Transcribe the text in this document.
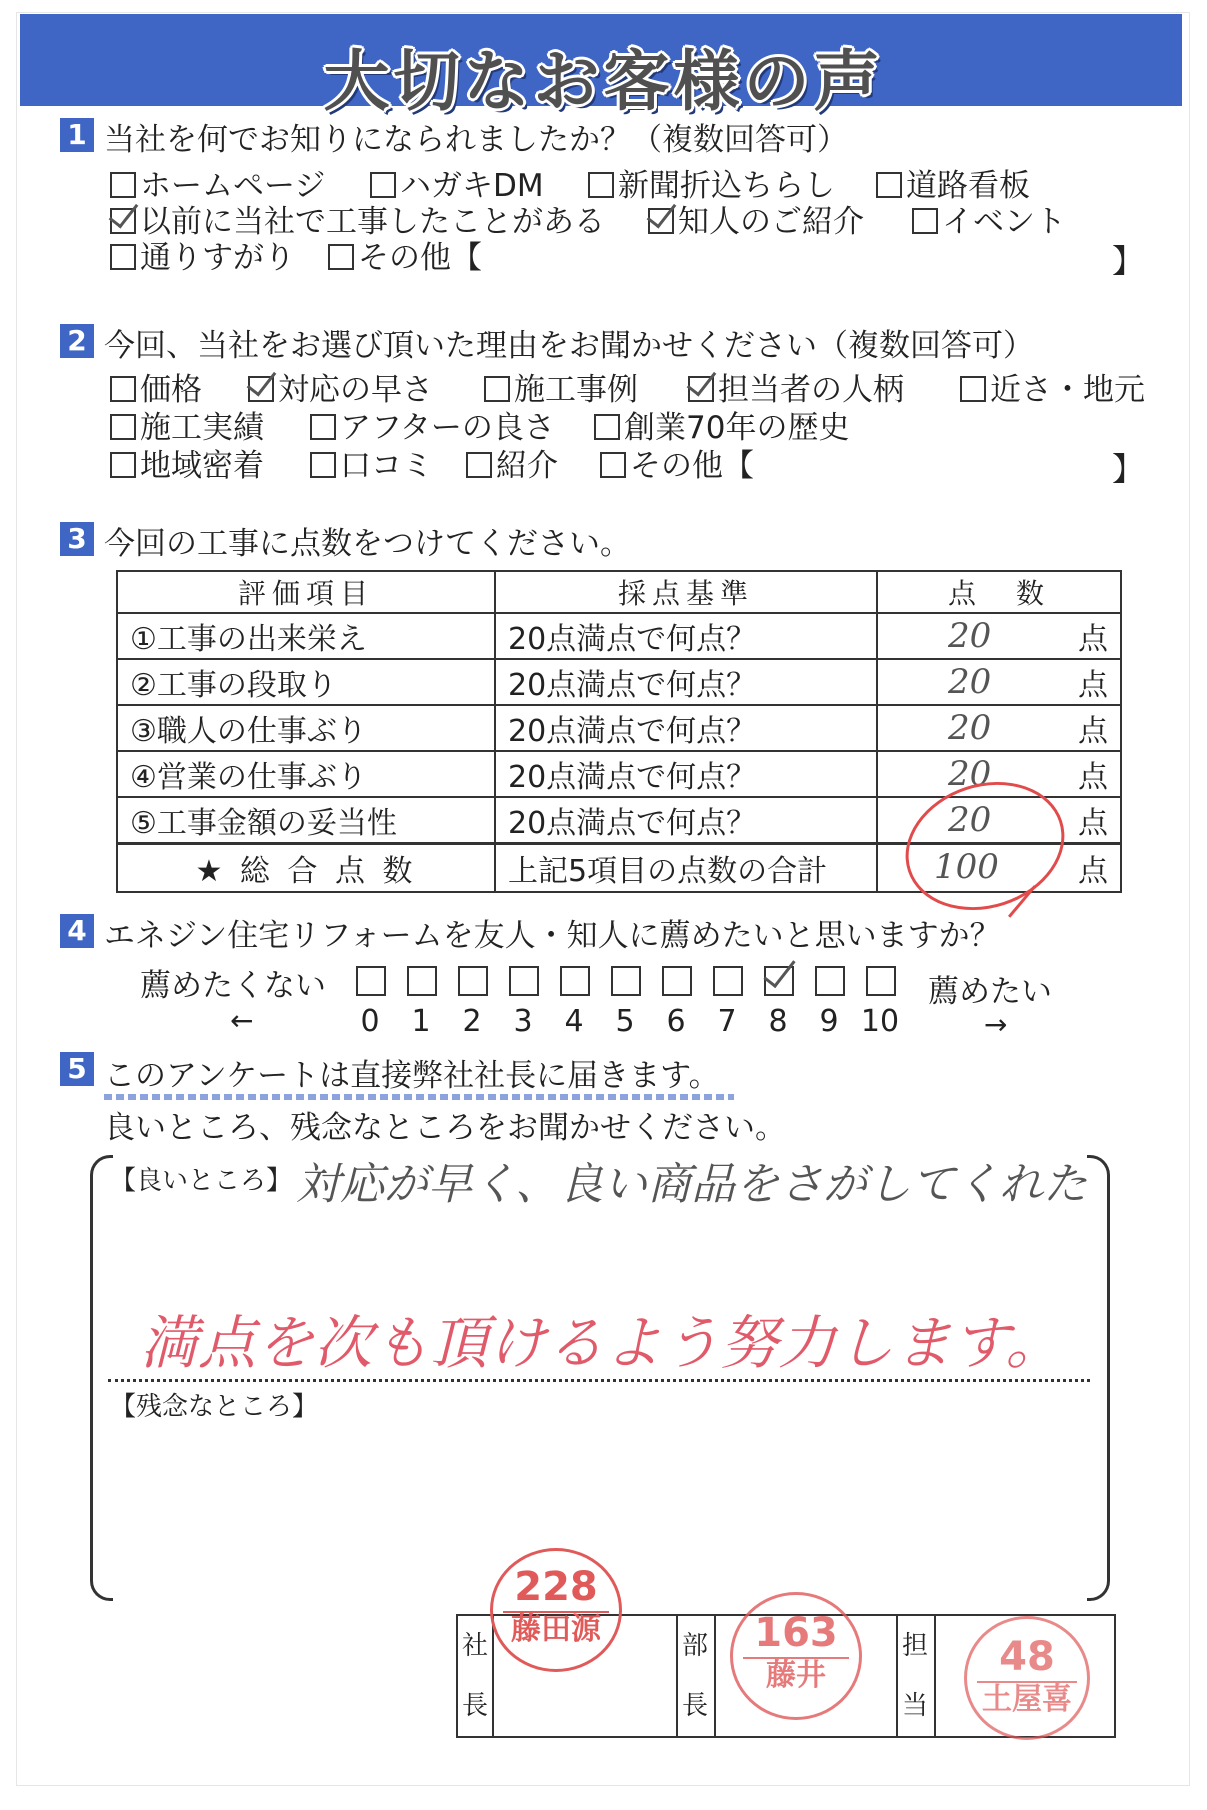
大切なお客様の声
1 当社を何でお知りになられましたか？（複数回答可）
ホームページ	ハガキDM	新聞折込ちらし	道路看板
以前に当社で工事したことがある	知人のご紹介	イベント
通りすがり	その他【	】
2 今回、当社をお選び頂いた理由をお聞かせください（複数回答可）
価格	対応の早さ	施工事例	担当者の人柄	近さ・地元
施工実績	アフターの良さ	創業70年の歴史
地域密着	口コミ	紹介	その他【	】
3 今回の工事に点数をつけてください。
評価項目	採点基準	点　数
①工事の出来栄え	20点満点で何点？	20 点
②工事の段取り	20点満点で何点？	20 点
③職人の仕事ぶり	20点満点で何点？	20 点
④営業の仕事ぶり	20点満点で何点？	20 点
⑤工事金額の妥当性	20点満点で何点？	20 点
★ 総 合 点 数	上記5項目の点数の合計	100 点
4 エネジン住宅リフォームを友人・知人に薦めたいと思いますか？
薦めたくない	薦めたい
←	→
0	1	2	3	4	5	6	7	8	9 10
5 このアンケートは直接弊社社長に届きます。
良いところ、残念なところをお聞かせください。
【良いところ】 対応が早く、良い商品をさがしてくれた
満点を次も頂けるよう努力します。
【残念なところ】
社
長
部
長
担
当
228
藤田源	163
藤井	48
土屋喜
